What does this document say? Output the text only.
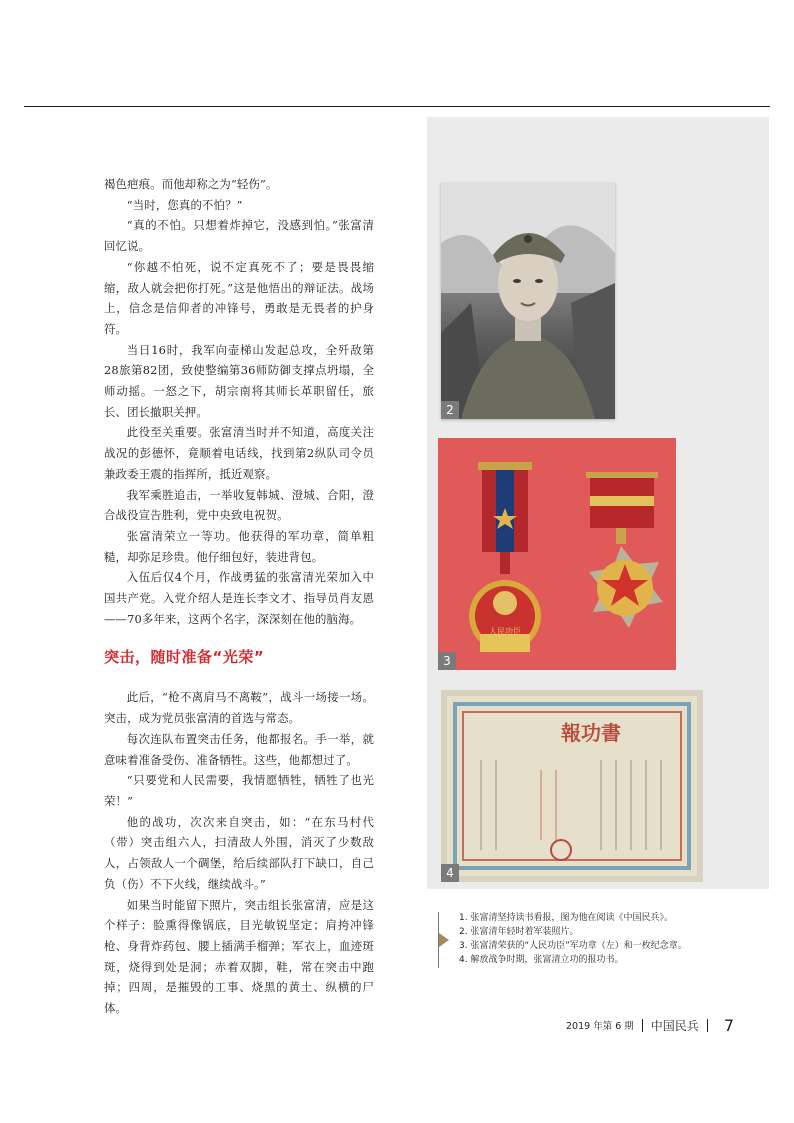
褐色疤痕。而他却称之为“轻伤”。

“当时，您真的不怕？”

“真的不怕。只想着炸掉它，没感到怕。”张富清回忆说。

“你越不怕死，说不定真死不了；要是畏畏缩缩，敌人就会把你打死。”这是他悟出的辩证法。战场上，信念是信仰者的冲锋号，勇敢是无畏者的护身符。

当日16时，我军向壶梯山发起总攻，全歼敌第28旅第82团，致使整编第36师防御支撑点坍塌，全师动摇。一怒之下，胡宗南将其师长革职留任，旅长、团长撤职关押。

此役至关重要。张富清当时并不知道，高度关注战况的彭德怀，竟顺着电话线，找到第2纵队司令员兼政委王震的指挥所，抵近观察。

我军乘胜追击，一举收复韩城、澄城、合阳，澄合战役宣告胜利，党中央致电祝贺。

张富清荣立一等功。他获得的军功章，简单粗糙，却弥足珍贵。他仔细包好，装进背包。

入伍后仅4个月，作战勇猛的张富清光荣加入中国共产党。入党介绍人是连长李文才、指导员肖友恩——70多年来，这两个名字，深深刻在他的脑海。

突击，随时准备“光荣”

此后，“枪不离肩马不离鞍”，战斗一场接一场。突击，成为党员张富清的首选与常态。

每次连队布置突击任务，他都报名。手一举，就意味着准备受伤、准备牺牲。这些，他都想过了。

“只要党和人民需要，我情愿牺牲，牺牲了也光荣！”

他的战功，次次来自突击，如：“在东马村代（带）突击组六人，扫清敌人外围，消灭了少数敌人，占领敌人一个碉堡，给后续部队打下缺口，自己负（伤）不下火线，继续战斗。”

如果当时能留下照片，突击组长张富清，应是这个样子：脸熏得像锅底，目光敏锐坚定；肩挎冲锋枪、身背炸药包、腰上插满手榴弹；军衣上，血迹斑斑，烧得到处是洞；赤着双脚，鞋，常在突击中跑掉；四周，是摧毁的工事、烧黑的黄土、纵横的尸体。

2
人民功臣
3
報功書
4
1. 张富清坚持读书看报，图为他在阅读《中国民兵》。
2. 张富清年轻时着军装照片。
3. 张富清荣获的“人民功臣”军功章（左）和一枚纪念章。
4. 解放战争时期，张富清立功的报功书。
2019 年第 6 期 中国民兵 7
